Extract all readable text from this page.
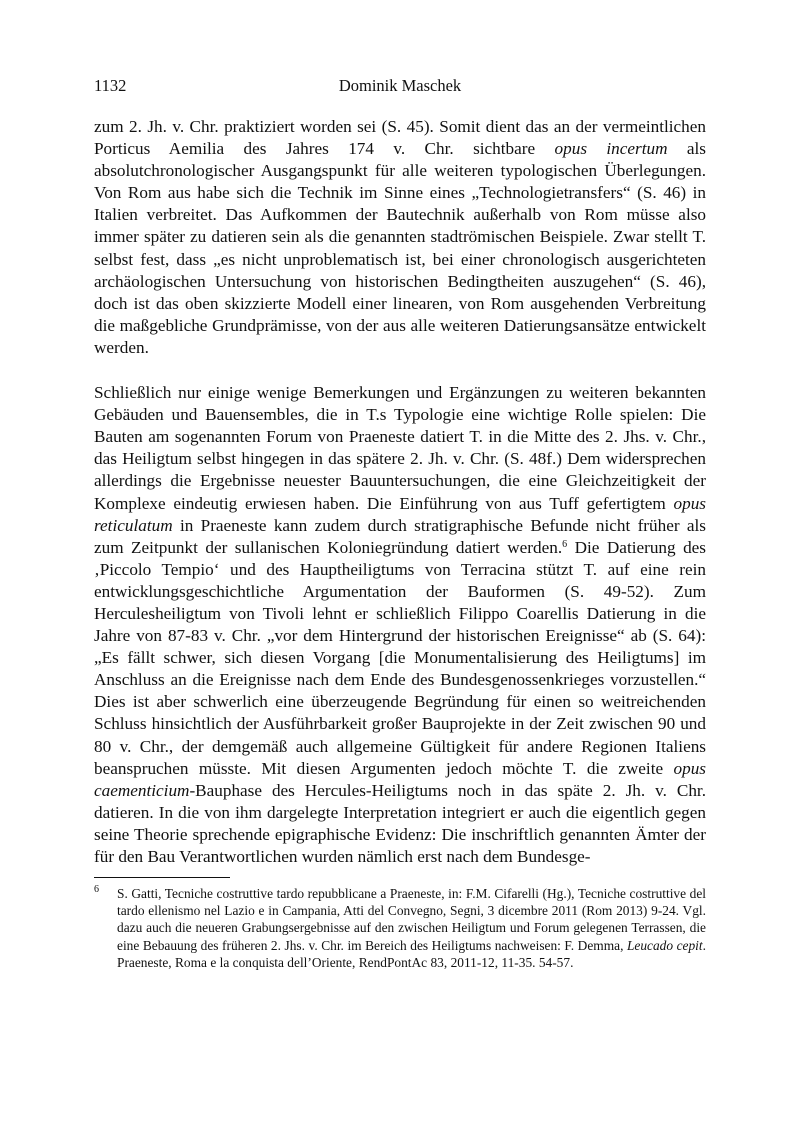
1132	Dominik Maschek

zum 2. Jh. v. Chr. praktiziert worden sei (S. 45). Somit dient das an der vermeintlichen Porticus Aemilia des Jahres 174 v. Chr. sichtbare opus incertum als absolutchronologischer Ausgangspunkt für alle weiteren typologischen Überlegungen. Von Rom aus habe sich die Technik im Sinne eines „Technologietransfers“ (S. 46) in Italien verbreitet. Das Aufkommen der Bautechnik außerhalb von Rom müsse also immer später zu datieren sein als die genannten stadtrömischen Beispiele. Zwar stellt T. selbst fest, dass „es nicht unproblematisch ist, bei einer chronologisch ausgerichteten archäologischen Untersuchung von historischen Bedingtheiten auszugehen“ (S. 46), doch ist das oben skizzierte Modell einer linearen, von Rom ausgehenden Verbreitung die maßgebliche Grundprämisse, von der aus alle weiteren Datierungsansätze entwickelt werden.

Schließlich nur einige wenige Bemerkungen und Ergänzungen zu weiteren bekannten Gebäuden und Bauensembles, die in T.s Typologie eine wichtige Rolle spielen: Die Bauten am sogenannten Forum von Praeneste datiert T. in die Mitte des 2. Jhs. v. Chr., das Heiligtum selbst hingegen in das spätere 2. Jh. v. Chr. (S. 48f.) Dem widersprechen allerdings die Ergebnisse neuester Bauuntersuchungen, die eine Gleichzeitigkeit der Komplexe eindeutig erwiesen haben. Die Einführung von aus Tuff gefertigtem opus reticulatum in Praeneste kann zudem durch stratigraphische Befunde nicht früher als zum Zeitpunkt der sullanischen Koloniegründung datiert werden.$^6$ Die Datierung des ‚Piccolo Tempio‘ und des Hauptheiligtums von Terracina stützt T. auf eine rein entwicklungsgeschichtliche Argumentation der Bauformen (S. 49-52). Zum Herculesheiligtum von Tivoli lehnt er schließlich Filippo Coarellis Datierung in die Jahre von 87-83 v. Chr. „vor dem Hintergrund der historischen Ereignisse“ ab (S. 64): „Es fällt schwer, sich diesen Vorgang [die Monumentalisierung des Heiligtums] im Anschluss an die Ereignisse nach dem Ende des Bundesgenossenkrieges vorzustellen.“ Dies ist aber schwerlich eine überzeugende Begründung für einen so weitreichenden Schluss hinsichtlich der Ausführbarkeit großer Bauprojekte in der Zeit zwischen 90 und 80 v. Chr., der demgemäß auch allgemeine Gültigkeit für andere Regionen Italiens beanspruchen müsste. Mit diesen Argumenten jedoch möchte T. die zweite opus caementicium-Bauphase des Hercules-Heiligtums noch in das späte 2. Jh. v. Chr. datieren. In die von ihm dargelegte Interpretation integriert er auch die eigentlich gegen seine Theorie sprechende epigraphische Evidenz: Die inschriftlich genannten Ämter der für den Bau Verantwortlichen wurden nämlich erst nach dem Bundesge-

6 S. Gatti, Tecniche costruttive tardo repubblicane a Praeneste, in: F.M. Cifarelli (Hg.), Tecniche costruttive del tardo ellenismo nel Lazio e in Campania, Atti del Convegno, Segni, 3 dicembre 2011 (Rom 2013) 9-24. Vgl. dazu auch die neueren Grabungsergebnisse auf den zwischen Heiligtum und Forum gelegenen Terrassen, die eine Bebauung des früheren 2. Jhs. v. Chr. im Bereich des Heiligtums nachweisen: F. Demma, Leucado cepit. Praeneste, Roma e la conquista dell’Oriente, RendPontAc 83, 2011-12, 11-35. 54-57.
